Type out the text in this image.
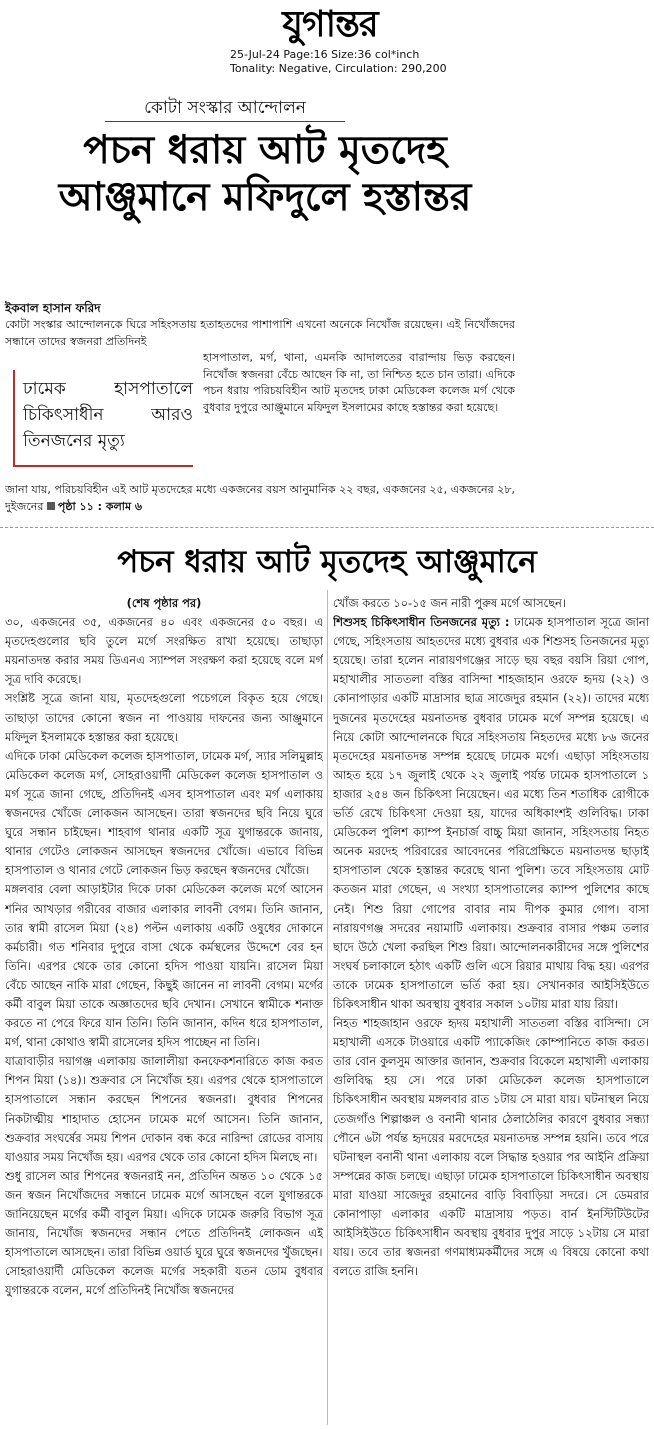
যুগান্তর
25-Jul-24 Page:16 Size:36 col*inch
Tonality: Negative, Circulation: 290,200
কোটা সংস্কার আন্দোলন
পচন ধরায় আট মৃতদেহ আঞ্জুমানে মফিদুলে হস্তান্তর
ইকবাল হাসান ফরিদ
কোটা সংস্কার আন্দোলনকে ঘিরে সহিংসতায় হতাহতদের পাশাপাশি এখনো অনেকে নিখোঁজ রয়েছেন। এই নিখোঁজদের সন্ধানে তাদের স্বজনরা প্রতিদিনই
ঢামেক হাসপাতালে চিকিৎসাধীন আরও তিনজনের মৃত্যু
হাসপাতাল, মর্গ, থানা, এমনকি আদালতের বারান্দায় ভিড় করছেন। নিখোঁজ স্বজনরা বেঁচে আছেন কি না, তা নিশ্চিত হতে চান তারা। এদিকে পচন ধরায় পরিচয়বিহীন আট মৃতদেহ ঢাকা মেডিকেল কলেজ মর্গ থেকে বুধবার দুপুরে আঞ্জুমানে মফিদুল ইসলামের কাছে হস্তান্তর করা হয়েছে।
জানা যায়, পরিচয়বিহীন এই আট মৃতদেহের মধ্যে একজনের বয়স আনুমানিক ২২ বছর, একজনের ২৫, একজনের ২৮, দুইজনের পৃষ্ঠা ১১ : কলাম ৬
পচন ধরায় আট মৃতদেহ আঞ্জুমানে

(শেষ পৃষ্ঠার পর)

৩০, একজনের ৩৫, একজনের ৪০ এবং একজনের ৫০ বছর। এ মৃতদেহগুলোর ছবি তুলে মর্গে সংরক্ষিত রাখা হয়েছে। তাছাড়া ময়নাতদন্ত করার সময় ডিএনএ স্যাম্পল সংরক্ষণ করা হয়েছে বলে মর্গ সূত্র দাবি করেছে।

সংশ্লিষ্ট সূত্রে জানা যায়, মৃতদেহগুলো পচেগলে বিকৃত হয়ে গেছে। তাছাড়া তাদের কোনো স্বজন না পাওয়ায় দাফনের জন্য আঞ্জুমানে মফিদুল ইসলামকে হস্তান্তর করা হয়েছে।

এদিকে ঢাকা মেডিকেল কলেজ হাসপাতাল, ঢামেক মর্গ, স্যার সলিমুল্লাহ মেডিকেল কলেজ মর্গ, সোহরাওয়ার্দী মেডিকেল কলেজ হাসপাতাল ও মর্গ সূত্রে জানা গেছে, প্রতিদিনই এসব হাসপাতাল এবং মর্গ এলাকায় স্বজনদের খোঁজে লোকজন আসছেন। তারা স্বজনদের ছবি নিয়ে ঘুরে ঘুরে সন্ধান চাইছেন। শাহবাগ থানার একটি সূত্র যুগান্তরকে জানায়, থানার গেটেও লোকজন আসছেন স্বজনদের খোঁজে। এভাবে বিভিন্ন হাসপাতাল ও থানার গেটে লোকজন ভিড় করছেন স্বজনদের খোঁজে।

মঙ্গলবার বেলা আড়াইটার দিকে ঢাকা মেডিকেল কলেজ মর্গে আসেন শনির আখড়ার গরীবের বাজার এলাকার লাবনী বেগম। তিনি জানান, তার স্বামী রাসেল মিয়া (২৪) পল্টন এলাকায় একটি ওষুধের দোকানে কর্মচারী। গত শনিবার দুপুরে বাসা থেকে কর্মস্থলের উদ্দেশে বের হন তিনি। এরপর থেকে তার কোনো হদিস পাওয়া যায়নি। রাসেল মিয়া বেঁচে আছেন নাকি মারা গেছেন, কিছুই জানেন না লাবনী বেগম। মর্গের কর্মী বাবুল মিয়া তাকে অজ্ঞাতদের ছবি দেখান। সেখানে স্বামীকে শনাক্ত করতে না পেরে ফিরে যান তিনি। তিনি জানান, কদিন ধরে হাসপাতাল, মর্গ, থানা কোথাও স্বামী রাসেলের হদিস পাচ্ছেন না তিনি।

যাত্রাবাড়ীর দয়াগঞ্জ এলাকায় জালালীয়া কনফেকশনারিতে কাজ করত শিপন মিয়া (১৪)। শুক্রবার সে নিখোঁজ হয়। এরপর থেকে হাসপাতালে হাসপাতালে সন্ধান করছেন শিপনের স্বজনরা। বুধবার শিপনের নিকটাত্মীয় শাহাদাত হোসেন ঢামেক মর্গে আসেন। তিনি জানান, শুক্রবার সংঘর্ষের সময় শিপন দোকান বন্ধ করে নারিন্দা রোডের বাসায় যাওয়ার সময় নিখোঁজ হয়। এরপর থেকে তার কোনো হদিস মিলছে না।

শুধু রাসেল আর শিপনের স্বজনরাই নন, প্রতিদিন অন্তত ১০ থেকে ১৫ জন স্বজন নিখোঁজদের সন্ধানে ঢামেক মর্গে আসছেন বলে যুগান্তরকে জানিয়েছেন মর্গের কর্মী বাবুল মিয়া। এদিকে ঢামেক জরুরি বিভাগ সূত্র জানায়, নিখোঁজ স্বজনদের সন্ধান পেতে প্রতিদিনই লোকজন এই হাসপাতালে আসছেন। তারা বিভিন্ন ওয়ার্ড ঘুরে ঘুরে স্বজনদের খুঁজছেন।

সোহরাওয়ার্দী মেডিকেল কলেজ মর্গের সহকারী যতন ডোম বুধবার যুগান্তরকে বলেন, মর্গে প্রতিদিনই নিখোঁজ স্বজনদের

খোঁজ করতে ১০-১৫ জন নারী পুরুষ মর্গে আসছেন।

শিশুসহ চিকিৎসাধীন তিনজনের মৃত্যু : ঢামেক হাসপাতাল সূত্রে জানা গেছে, সহিংসতায় আহতদের মধ্যে বুধবার এক শিশুসহ তিনজনের মৃত্যু হয়েছে। তারা হলেন নারায়ণগঞ্জের সাড়ে ছয় বছর বয়সি রিয়া গোপ, মহাখালীর সাততলা বস্তির বাসিন্দা শাহজাহান ওরফে হৃদয় (২২) ও কোনাপাড়ার একটি মাদ্রাসার ছাত্র সাজেদুর রহমান (২২)। তাদের মধ্যে দুজনের মৃতদেহের ময়নাতদন্ত বুধবার ঢামেক মর্গে সম্পন্ন হয়েছে। এ নিয়ে কোটা আন্দোলনকে ঘিরে সহিংসতায় নিহতদের মধ্যে ৮৬ জনের মৃতদেহের ময়নাতদন্ত সম্পন্ন হয়েছে ঢামেক মর্গে। এছাড়া সহিংসতায় আহত হয়ে ১৭ জুলাই থেকে ২২ জুলাই পর্যন্ত ঢামেক হাসপাতালে ১ হাজার ২৫৪ জন চিকিৎসা নিয়েছেন। এর মধ্যে তিন শতাধিক রোগীকে ভর্তি রেখে চিকিৎসা দেওয়া হয়, যাদের অধিকাংশই গুলিবিদ্ধ। ঢাকা মেডিকেল পুলিশ ক্যাম্প ইনচার্জ বাচ্চু মিয়া জানান, সহিংসতায় নিহত অনেক মরদেহ পরিবারের আবেদনের পরিপ্রেক্ষিতে ময়নাতদন্ত ছাড়াই হাসপাতাল থেকে হস্তান্তর করেছে থানা পুলিশ। তবে সহিংসতায় মোট কতজন মারা গেছেন, এ সংখ্যা হাসপাতালের ক্যাম্প পুলিশের কাছে নেই। শিশু রিয়া গোপের বাবার নাম দীপক কুমার গোপ। বাসা নারায়ণগঞ্জ সদরের নয়ামাটি এলাকায়। শুক্রবার বাসার পঞ্চম তলার ছাদে উঠে খেলা করছিল শিশু রিয়া। আন্দোলনকারীদের সঙ্গে পুলিশের সংঘর্ষ চলাকালে হঠাৎ একটি গুলি এসে রিয়ার মাথায় বিদ্ধ হয়। এরপর তাকে ঢামেক হাসপাতালে ভর্তি করা হয়। সেখানকার আইসিইউতে চিকিৎসাধীন থাকা অবস্থায় বুধবার সকাল ১০টায় মারা যায় রিয়া।

নিহত শাহজাহান ওরফে হৃদয় মহাখালী সাততলা বস্তির বাসিন্দা। সে মহাখালী এসকে টাওয়ারে একটি প্যাকেজিং কোম্পানিতে কাজ করত। তার বোন কুলসুম আক্তার জানান, শুক্রবার বিকেলে মহাখালী এলাকায় গুলিবিদ্ধ হয় সে। পরে ঢাকা মেডিকেল কলেজ হাসপাতালে চিকিৎসাধীন অবস্থায় মঙ্গলবার রাত ১টায় সে মারা যায়। ঘটনাস্থল নিয়ে তেজগাঁও শিল্পাঞ্চল ও বনানী থানার ঠেলাঠেলির কারণে বুধবার সন্ধ্যা পৌনে ৬টা পর্যন্ত হৃদয়ের মরদেহের ময়নাতদন্ত সম্পন্ন হয়নি। তবে পরে ঘটনাস্থল বনানী থানা এলাকায় বলে সিদ্ধান্ত হওয়ার পর আইনি প্রক্রিয়া সম্পন্নের কাজ চলছে। এছাড়া ঢামেক হাসপাতালে চিকিৎসাধীন অবস্থায় মারা যাওয়া সাজেদুর রহমানের বাড়ি বিবাড়িয়া সদরে। সে ডেমরার কোনাপাড়া এলাকার একটি মাদ্রাসায় পড়ত। বার্ন ইনস্টিটিউটের আইসিইউতে চিকিৎসাধীন অবস্থায় বুধবার দুপুর সাড়ে ১২টায় সে মারা যায়। তবে তার স্বজনরা গণমাধ্যমকর্মীদের সঙ্গে এ বিষয়ে কোনো কথা বলতে রাজি হননি।
